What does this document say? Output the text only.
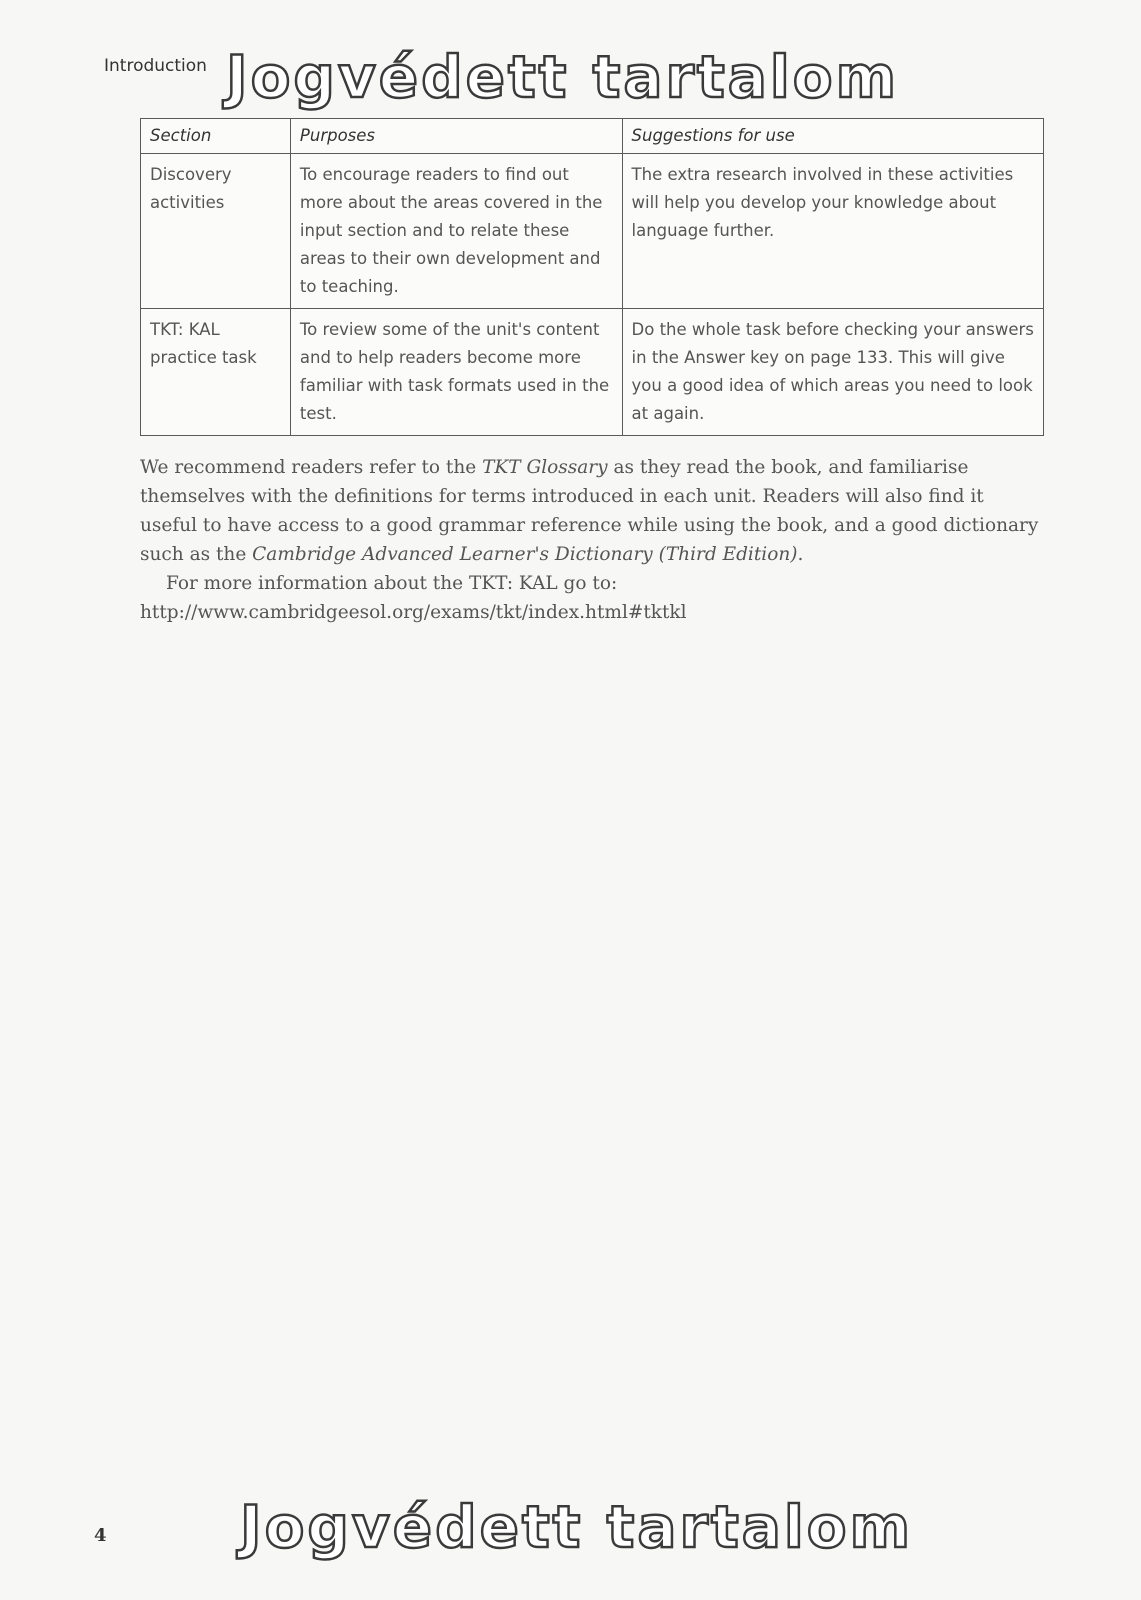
Introduction Jogvédett tartalom
Section	Purposes	Suggestions for use
Discovery activities	To encourage readers to find out more about the areas covered in the input section and to relate these areas to their own development and to teaching.	The extra research involved in these activities will help you develop your knowledge about language further.
TKT: KAL practice task	To review some of the unit's content and to help readers become more familiar with task formats used in the test.	Do the whole task before checking your answers in the Answer key on page 133. This will give you a good idea of which areas you need to look at again.

We recommend readers refer to the TKT Glossary as they read the book, and familiarise themselves with the definitions for terms introduced in each unit. Readers will also find it useful to have access to a good grammar reference while using the book, and a good dictionary such as the Cambridge Advanced Learner's Dictionary (Third Edition).

For more information about the TKT: KAL go to:

http://www.cambridgeesol.org/exams/tkt/index.html#tktkl

4 Jogvédett tartalom
